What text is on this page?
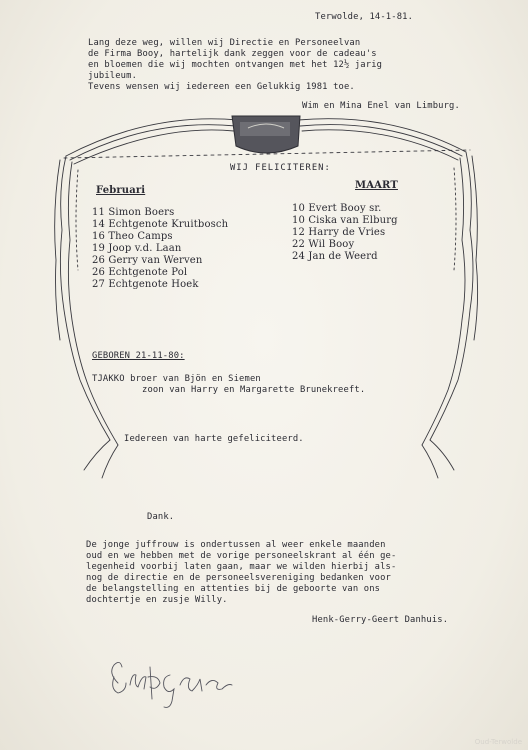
Terwolde, 14-1-81.
Lang deze weg, willen wij Directie en Personeelvan
de Firma Booy, hartelijk dank zeggen voor de cadeau's
en bloemen die wij mochten ontvangen met het 12½ jarig
jubileum.
Tevens wensen wij iedereen een Gelukkig 1981 toe.
Wim en Mina Enel van Limburg.
WIJ FELICITEREN:
Februari
11 Simon Boers
14 Echtgenote Kruitbosch
16 Theo Camps
19 Joop v.d. Laan
26 Gerry van Werven
26 Echtgenote Pol
27 Echtgenote Hoek
MAART
10 Evert Booy sr.
10 Ciska van Elburg
12 Harry de Vries
22 Wil Booy
24 Jan de Weerd
GEBOREN 21-11-80:
TJAKKO broer van Bjön en Siemen
zoon van Harry en Margarette Brunekreeft.
Iedereen van harte gefeliciteerd.
Dank.
De jonge juffrouw is ondertussen al weer enkele maanden
oud en we hebben met de vorige personeelskrant al één ge-
legenheid voorbij laten gaan, maar we wilden hierbij als-
nog de directie en de personeelsvereniging bedanken voor
de belangstelling en attenties bij de geboorte van ons
dochtertje en zusje Willy.
Henk-Gerry-Geert Danhuis.
Oud-Terwolde
